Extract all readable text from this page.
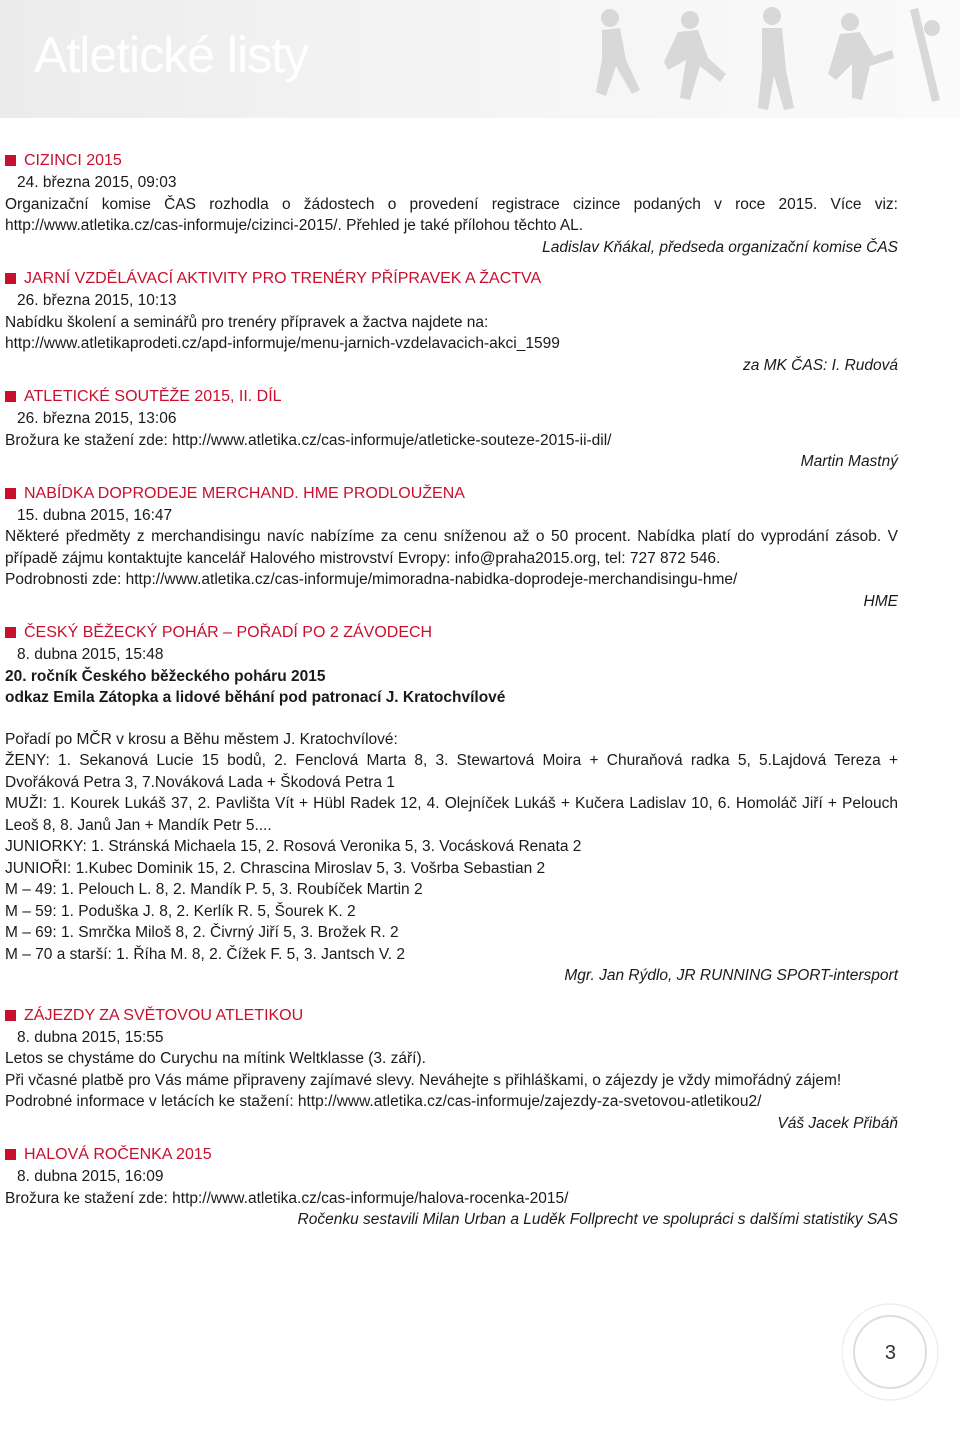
Atletické listy
CIZINCI 2015
24. března 2015, 09:03

Organizační komise ČAS rozhodla o žádostech o provedení registrace cizince podaných v roce 2015. Více viz: http://www.atletika.cz/cas-informuje/cizinci-2015/. Přehled je také přílohou těchto AL.

Ladislav Kňákal, předseda organizační komise ČAS
JARNÍ VZDĚLÁVACÍ AKTIVITY PRO TRENÉRY PŘÍPRAVEK A ŽACTVA
26. března 2015, 10:13

Nabídku školení a seminářů pro trenéry přípravek a žactva najdete na:

http://www.atletikaprodeti.cz/apd-informuje/menu-jarnich-vzdelavacich-akci_1599

za MK ČAS: I. Rudová
ATLETICKÉ SOUTĚŽE 2015, II. DÍL
26. března 2015, 13:06

Brožura ke stažení zde: http://www.atletika.cz/cas-informuje/atleticke-souteze-2015-ii-dil/

Martin Mastný
NABÍDKA DOPRODEJE MERCHAND. HME PRODLOUŽENA
15. dubna 2015, 16:47

Některé předměty z merchandisingu navíc nabízíme za cenu sníženou až o 50 procent. Nabídka platí do vyprodání zásob. V případě zájmu kontaktujte kancelář Halového mistrovství Evropy: info@praha2015.org, tel: 727 872 546.

Podrobnosti zde: http://www.atletika.cz/cas-informuje/mimoradna-nabidka-doprodeje-merchandisingu-hme/

HME
ČESKÝ BĚŽECKÝ POHÁR – POŘADÍ PO 2 ZÁVODECH
8. dubna 2015, 15:48
20. ročník Českého běžeckého poháru 2015
odkaz Emila Zátopka a lidové běhání pod patronací J. Kratochvílové

Pořadí po MČR v krosu a Běhu městem J. Kratochvílové:

ŽENY: 1. Sekanová Lucie 15 bodů, 2. Fenclová Marta 8, 3. Stewartová Moira + Churaňová radka 5, 5.Lajdová Tereza + Dvořáková Petra 3, 7.Nováková Lada + Škodová Petra 1

MUŽI: 1. Kourek Lukáš 37, 2. Pavlišta Vít + Hübl Radek 12, 4. Olejníček Lukáš + Kučera Ladislav 10, 6. Homoláč Jiří + Pelouch Leoš 8, 8. Janů Jan + Mandík Petr 5....

JUNIORKY: 1. Stránská Michaela 15, 2. Rosová Veronika 5, 3. Vocásková Renata 2

JUNIOŘI: 1.Kubec Dominik 15, 2. Chrascina Miroslav 5, 3. Vošrba Sebastian 2

M – 49: 1. Pelouch L. 8, 2. Mandík P. 5, 3. Roubíček Martin 2

M – 59: 1. Poduška J. 8, 2. Kerlík R. 5, Šourek K. 2

M – 69: 1. Smrčka Miloš 8, 2. Čivrný Jiří 5, 3. Brožek R. 2

M – 70 a starší: 1. Říha M. 8, 2. Čížek F. 5, 3. Jantsch V. 2

Mgr. Jan Rýdlo, JR RUNNING SPORT-intersport
ZÁJEZDY ZA SVĚTOVOU ATLETIKOU
8. dubna 2015, 15:55

Letos se chystáme do Curychu na mítink Weltklasse (3. září).

Při včasné platbě pro Vás máme připraveny zajímavé slevy. Neváhejte s přihláškami, o zájezdy je vždy mimořádný zájem!

Podrobné informace v letácích ke stažení: http://www.atletika.cz/cas-informuje/zajezdy-za-svetovou-atletikou2/

Váš Jacek Přibáň
HALOVÁ ROČENKA 2015
8. dubna 2015, 16:09

Brožura ke stažení zde: http://www.atletika.cz/cas-informuje/halova-rocenka-2015/

Ročenku sestavili Milan Urban a Luděk Follprecht ve spolupráci s dalšími statistiky SAS
3
